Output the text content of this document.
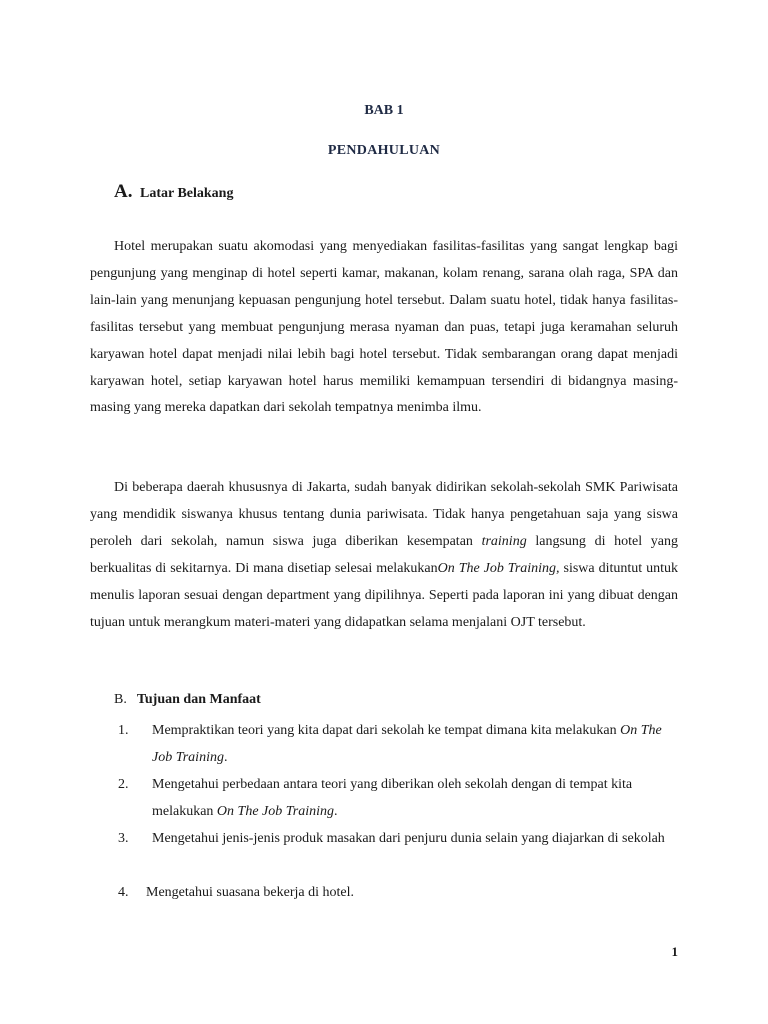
BAB 1
PENDAHULUAN
A. Latar Belakang

Hotel merupakan suatu akomodasi yang menyediakan fasilitas-fasilitas yang sangat lengkap bagi pengunjung yang menginap di hotel seperti kamar, makanan, kolam renang, sarana olah raga, SPA dan lain-lain yang menunjang kepuasan pengunjung hotel tersebut. Dalam suatu hotel, tidak hanya fasilitas-fasilitas tersebut yang membuat pengunjung merasa nyaman dan puas, tetapi juga keramahan seluruh karyawan hotel dapat menjadi nilai lebih bagi hotel tersebut. Tidak sembarangan orang dapat menjadi karyawan hotel, setiap karyawan hotel harus memiliki kemampuan tersendiri di bidangnya masing-masing yang mereka dapatkan dari sekolah tempatnya menimba ilmu.

Di beberapa daerah khususnya di Jakarta, sudah banyak didirikan sekolah-sekolah SMK Pariwisata yang mendidik siswanya khusus tentang dunia pariwisata. Tidak hanya pengetahuan saja yang siswa peroleh dari sekolah, namun siswa juga diberikan kesempatan training langsung di hotel yang berkualitas di sekitarnya. Di mana disetiap selesai melakukanOn The Job Training, siswa dituntut untuk menulis laporan sesuai dengan department yang dipilihnya. Seperti pada laporan ini yang dibuat dengan tujuan untuk merangkum materi-materi yang didapatkan selama menjalani OJT tersebut.

B. Tujuan dan Manfaat
1.	Mempraktikan teori yang kita dapat dari sekolah ke tempat dimana kita melakukan On The Job Training.
2.	Mengetahui perbedaan antara teori yang diberikan oleh sekolah dengan di tempat kita melakukan On The Job Training.
3.	Mengetahui jenis-jenis produk masakan dari penjuru dunia selain yang diajarkan di sekolah
4.	Mengetahui suasana bekerja di hotel.
1
